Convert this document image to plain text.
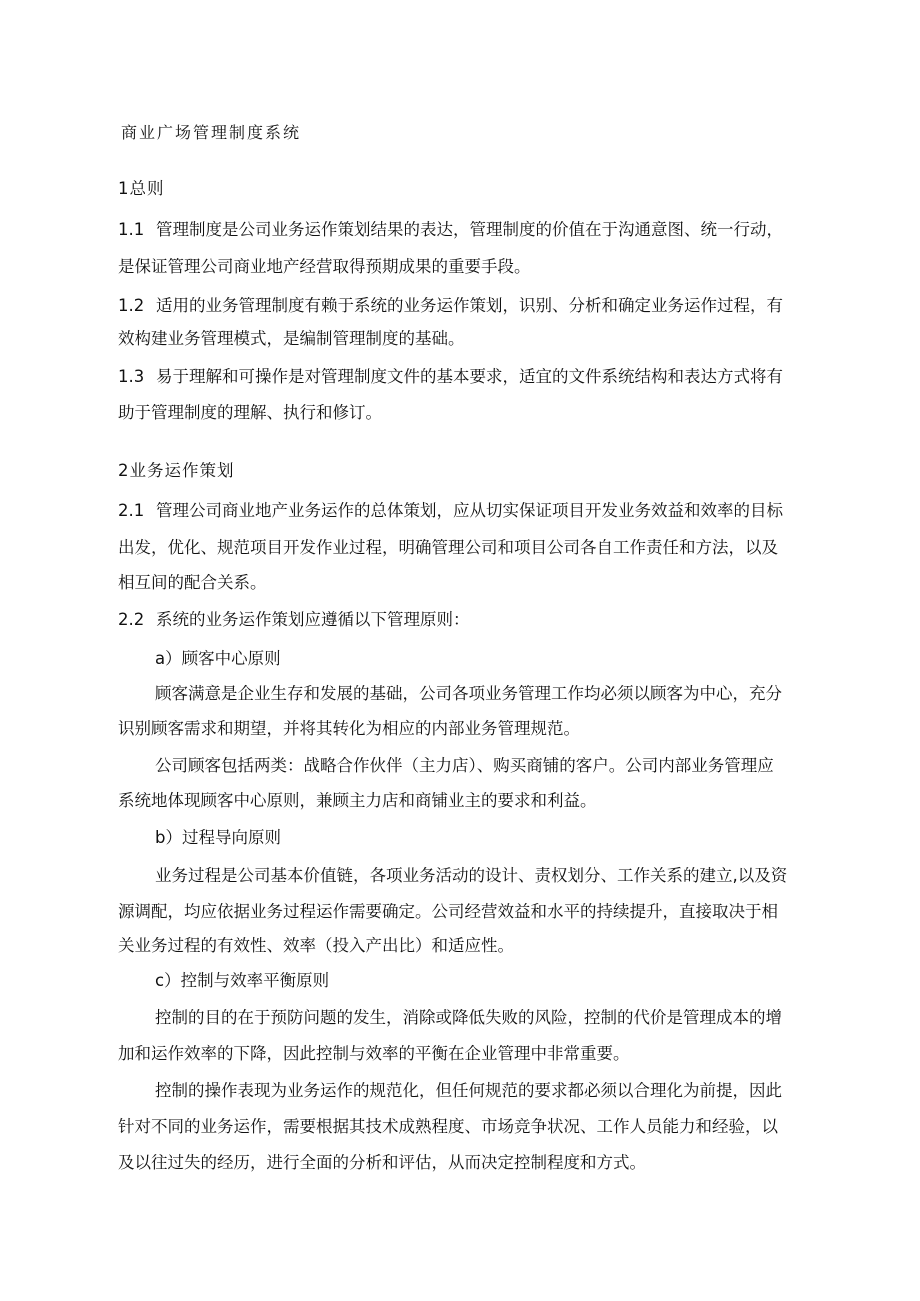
商业广场管理制度系统
1总则
1.1 管理制度是公司业务运作策划结果的表达，管理制度的价值在于沟通意图、统一行动，
是保证管理公司商业地产经营取得预期成果的重要手段。
1.2 适用的业务管理制度有赖于系统的业务运作策划，识别、分析和确定业务运作过程，有
效构建业务管理模式，是编制管理制度的基础。
1.3 易于理解和可操作是对管理制度文件的基本要求，适宜的文件系统结构和表达方式将有
助于管理制度的理解、执行和修订。
2业务运作策划
2.1 管理公司商业地产业务运作的总体策划，应从切实保证项目开发业务效益和效率的目标
出发，优化、规范项目开发作业过程，明确管理公司和项目公司各自工作责任和方法，以及
相互间的配合关系。
2.2 系统的业务运作策划应遵循以下管理原则：
a）顾客中心原则
顾客满意是企业生存和发展的基础，公司各项业务管理工作均必须以顾客为中心，充分
识别顾客需求和期望，并将其转化为相应的内部业务管理规范。
公司顾客包括两类：战略合作伙伴（主力店）、购买商铺的客户。公司内部业务管理应
系统地体现顾客中心原则，兼顾主力店和商铺业主的要求和利益。
b）过程导向原则
业务过程是公司基本价值链，各项业务活动的设计、责权划分、工作关系的建立,以及资
源调配，均应依据业务过程运作需要确定。公司经营效益和水平的持续提升，直接取决于相
关业务过程的有效性、效率（投入产出比）和适应性。
c）控制与效率平衡原则
控制的目的在于预防问题的发生，消除或降低失败的风险，控制的代价是管理成本的增
加和运作效率的下降，因此控制与效率的平衡在企业管理中非常重要。
控制的操作表现为业务运作的规范化，但任何规范的要求都必须以合理化为前提，因此
针对不同的业务运作，需要根据其技术成熟程度、市场竞争状况、工作人员能力和经验，以
及以往过失的经历，进行全面的分析和评估，从而决定控制程度和方式。
